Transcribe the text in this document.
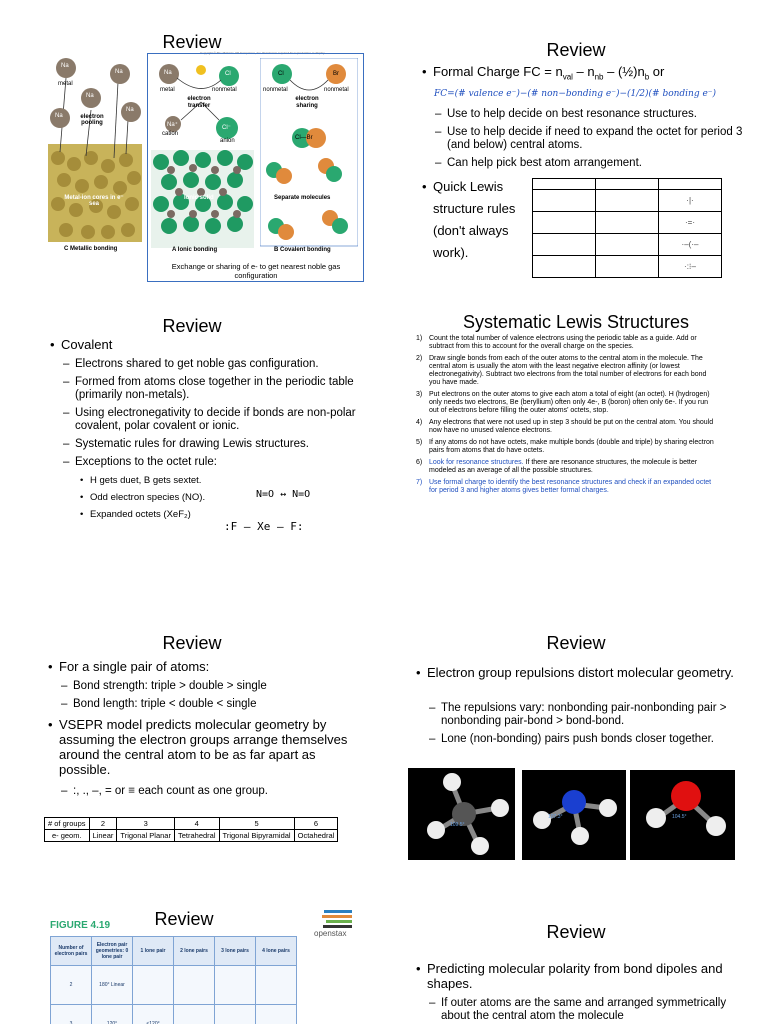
Review
Copyright © The McGraw-Hill Companies, Inc. Permission required for reproduction or display.
Na
Na
Na
Na
Na
metal
electron pooling
Metal-ion cores in e⁻ sea
C Metallic bonding
Na	Cl
Na⁺	Cl⁻
metal	nonmetal
electron transfer
cation
anion
Ionic solid
A Ionic bonding
Cl	Br
Cl—Br
nonmetal	nonmetal
electron sharing
Separate molecules
B Covalent bonding
Exchange or sharing of e- to get nearest noble gas configuration
Review
• Formal Charge FC = $n_{val} - n_{nb}$ – $(\frac{1}{2})n_b$ or
FC=(# valence e⁻)−(# non−bonding e⁻)−(1/2)(# bonding e⁻)
– Use to help decide on best resonance structures.
– Use to help decide if need to expand the octet for period 3 (and below) central atoms.
– Can help pick best atom arrangement.
• Quick Lewis structure rules (don't always work).

		·|·
		·=·
		·–(·–
		·:⁝–
Review
• Covalent
– Electrons shared to get noble gas configuration.
– Formed from atoms close together in the periodic table (primarily non-metals).
– Using electronegativity to decide if bonds are non-polar covalent, polar covalent or ionic.
– Systematic rules for drawing Lewis structures.
– Exceptions to the octet rule:
• H gets duet, B gets sextet.
• Odd electron species (NO).
• Expanded octets (XeF₂)
N=O ↔ N=O
:F – Xe – F:
Systematic Lewis Structures
1) Count the total number of valence electrons using the periodic table as a guide. Add or subtract from this to account for the overall charge on the species.
2) Draw single bonds from each of the outer atoms to the central atom in the molecule. The central atom is usually the atom with the least negative electron affinity (or lowest electronegativity). Subtract two electrons from the total number of electrons for each bond you have made.
3) Put electrons on the outer atoms to give each atom a total of eight (an octet). H (hydrogen) only needs two electrons, Be (beryllium) often only 4e-, B (boron) often only 6e-. If you run out of electrons before filling the outer atoms' octets, stop.
4) Any electrons that were not used up in step 3 should be put on the central atom. You should now have no unused valence electrons.
5) If any atoms do not have octets, make multiple bonds (double and triple) by sharing electron pairs from atoms that do have octets.
6) Look for resonance structures. If there are resonance structures, the molecule is better modeled as an average of all the possible structures.
7) Use formal charge to identify the best resonance structures and check if an expanded octet for period 3 and higher atoms gives better formal charges.
Review
• For a single pair of atoms:
– Bond strength: triple > double > single
– Bond length: triple < double < single
• VSEPR model predicts molecular geometry by assuming the electron groups arrange themselves around the central atom to be as far apart as possible.
– :, ., –, = or ≡ each count as one group.
# of groups	2	3	4	5	6
e- geom.	Linear	Trigonal Planar	Tetrahedral	Trigonal Bipyramidal	Octahedral
Review
• Electron group repulsions distort molecular geometry.
– The repulsions vary: nonbonding pair-nonbonding pair > nonbonding pair-bond > bond-bond.
– Lone (non-bonding) pairs push bonds closer together.
109.5°
107.3°	104.5°
FIGURE 4.19	Review
openstax
Number of electron pairs	Electron pair geometries: 0 lone pair	1 lone pair	2 lone pairs	3 lone pairs	4 lone pairs
2	180° Linear				
3	120°	<120°			
Review
• Predicting molecular polarity from bond dipoles and shapes.
– If outer atoms are the same and arranged symmetrically about the central atom the molecule
